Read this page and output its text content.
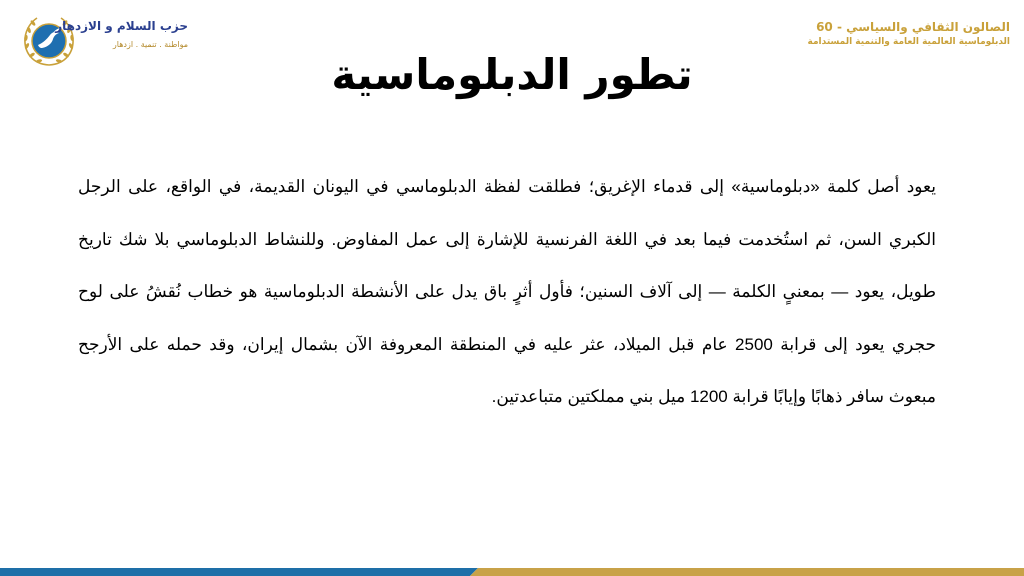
حزب السلام و الازدهار
مواطنة . تنمية . ازدهار
الصالون الثقافي والسياسي - 60
الدبلوماسية العالمية العامة والتنمية المستدامة
تطور الدبلوماسية

يعود أصل كلمة «دبلوماسية» إلى قدماء الإغريق؛ فطلقت لفظة الدبلوماسي في اليونان القديمة، في الواقع، على الرجل الكبري السن، ثم استُخدمت فيما بعد في اللغة الفرنسية للإشارة إلى عمل المفاوض. وللنشاط الدبلوماسي بلا شك تاريخ طويل، يعود — بمعنىٍ الكلمة — إلى آلاف السنين؛ فأول أثرٍ باق يدل على الأنشطة الدبلوماسية هو خطاب نُقشُ على لوح حجري يعود إلى قرابة 2500 عام قبل الميلاد، عثر عليه في المنطقة المعروفة الآن بشمال إيران، وقد حمله على الأرجح مبعوث سافر ذهابًا وإيابًا قرابة 1200 ميل بني مملكتين متباعدتين.
